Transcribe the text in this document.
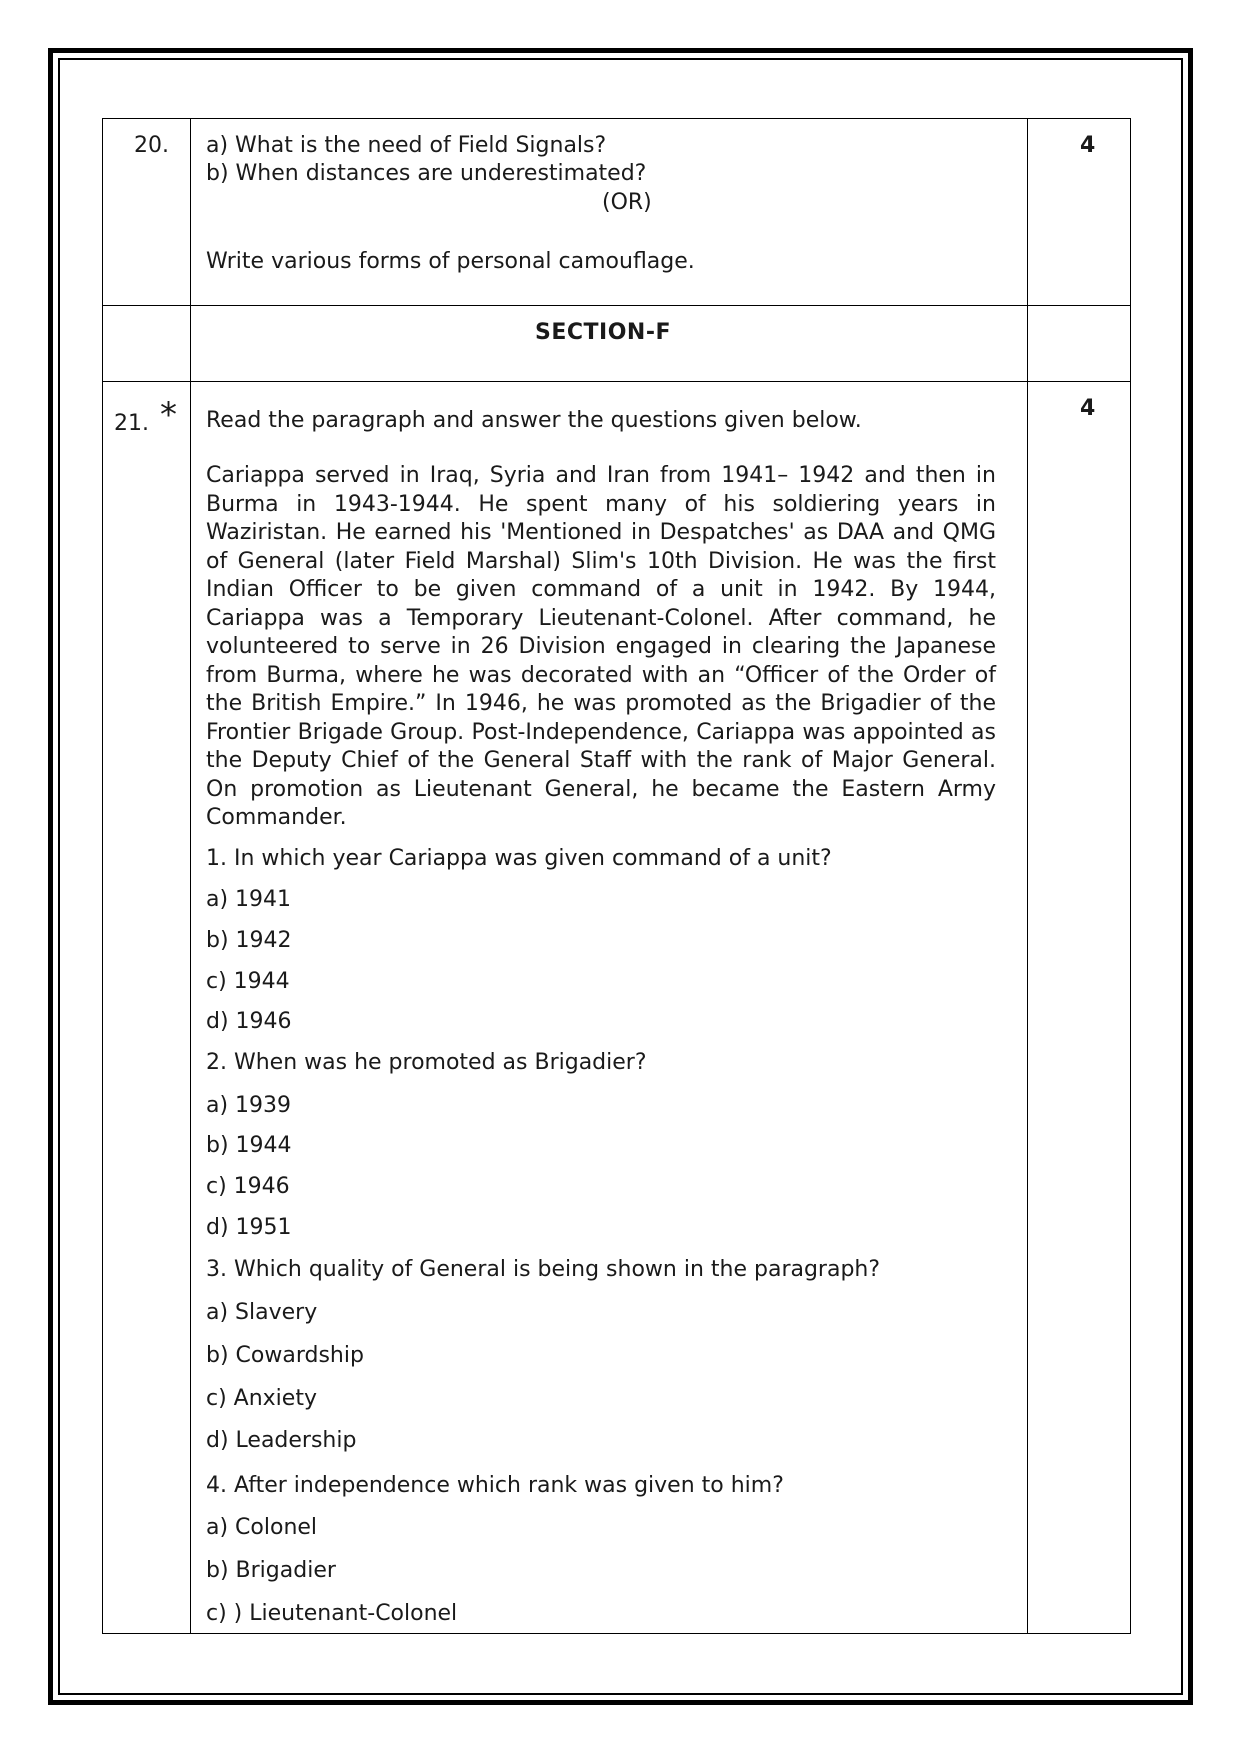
20. a) What is the need of Field Signals?
b) When distances are underestimated?
(OR)
Write various forms of personal camouflage.
4
SECTION-F
21. *	4
Read the paragraph and answer the questions given below.
Cariappa served in Iraq, Syria and Iran from 1941– 1942 and then in Burma in 1943-1944. He spent many of his soldiering years in Waziristan. He earned his 'Mentioned in Despatches' as DAA and QMG of General (later Field Marshal) Slim's 10th Division. He was the first Indian Officer to be given command of a unit in 1942. By 1944, Cariappa was a Temporary Lieutenant-Colonel. After command, he volunteered to serve in 26 Division engaged in clearing the Japanese from Burma, where he was decorated with an “Officer of the Order of the British Empire.” In 1946, he was promoted as the Brigadier of the Frontier Brigade Group. Post-Independence, Cariappa was appointed as the Deputy Chief of the General Staff with the rank of Major General. On promotion as Lieutenant General, he became the Eastern Army Commander.
1. In which year Cariappa was given command of a unit?
a) 1941
b) 1942
c) 1944
d) 1946
2. When was he promoted as Brigadier?
a) 1939
b) 1944
c) 1946
d) 1951
3. Which quality of General is being shown in the paragraph?
a) Slavery
b) Cowardship
c) Anxiety
d) Leadership
4. After independence which rank was given to him?
a) Colonel
b) Brigadier
c) ) Lieutenant-Colonel
